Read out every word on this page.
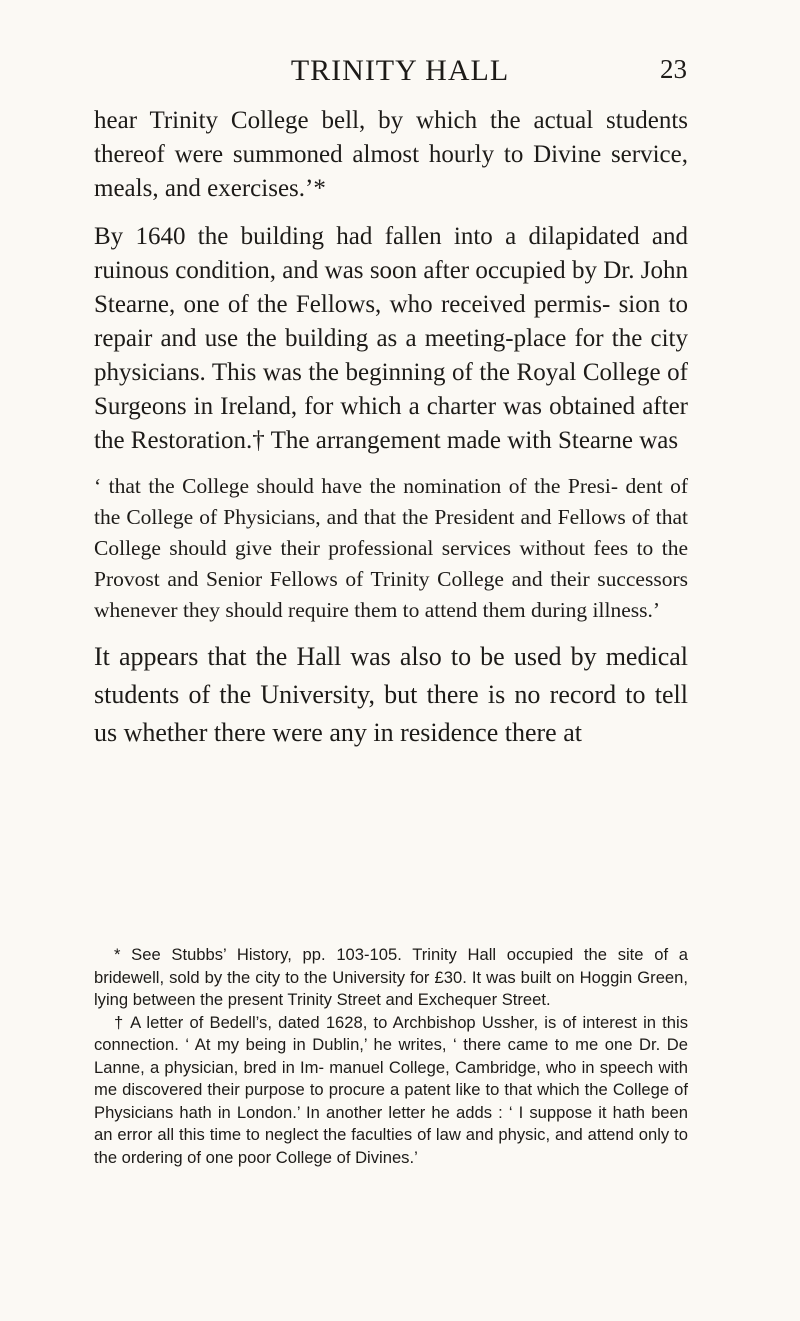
TRINITY HALL	23

hear Trinity College bell, by which the actual students thereof were summoned almost hourly to Divine service, meals, and exercises.’*

By 1640 the building had fallen into a dilapidated and ruinous condition, and was soon after occupied by Dr. John Stearne, one of the Fellows, who received permis- sion to repair and use the building as a meeting-place for the city physicians. This was the beginning of the Royal College of Surgeons in Ireland, for which a charter was obtained after the Restoration.† The arrangement made with Stearne was

‘ that the College should have the nomination of the Presi- dent of the College of Physicians, and that the President and Fellows of that College should give their professional services without fees to the Provost and Senior Fellows of Trinity College and their successors whenever they should require them to attend them during illness.’

It appears that the Hall was also to be used by medical students of the University, but there is no record to tell us whether there were any in residence there at

* See Stubbs’ History, pp. 103-105. Trinity Hall occupied the site of a bridewell, sold by the city to the University for £30. It was built on Hoggin Green, lying between the present Trinity Street and Exchequer Street.

† A letter of Bedell’s, dated 1628, to Archbishop Ussher, is of interest in this connection. ‘ At my being in Dublin,’ he writes, ‘ there came to me one Dr. De Lanne, a physician, bred in Im- manuel College, Cambridge, who in speech with me discovered their purpose to procure a patent like to that which the College of Physicians hath in London.’ In another letter he adds : ‘ I suppose it hath been an error all this time to neglect the faculties of law and physic, and attend only to the ordering of one poor College of Divines.’
